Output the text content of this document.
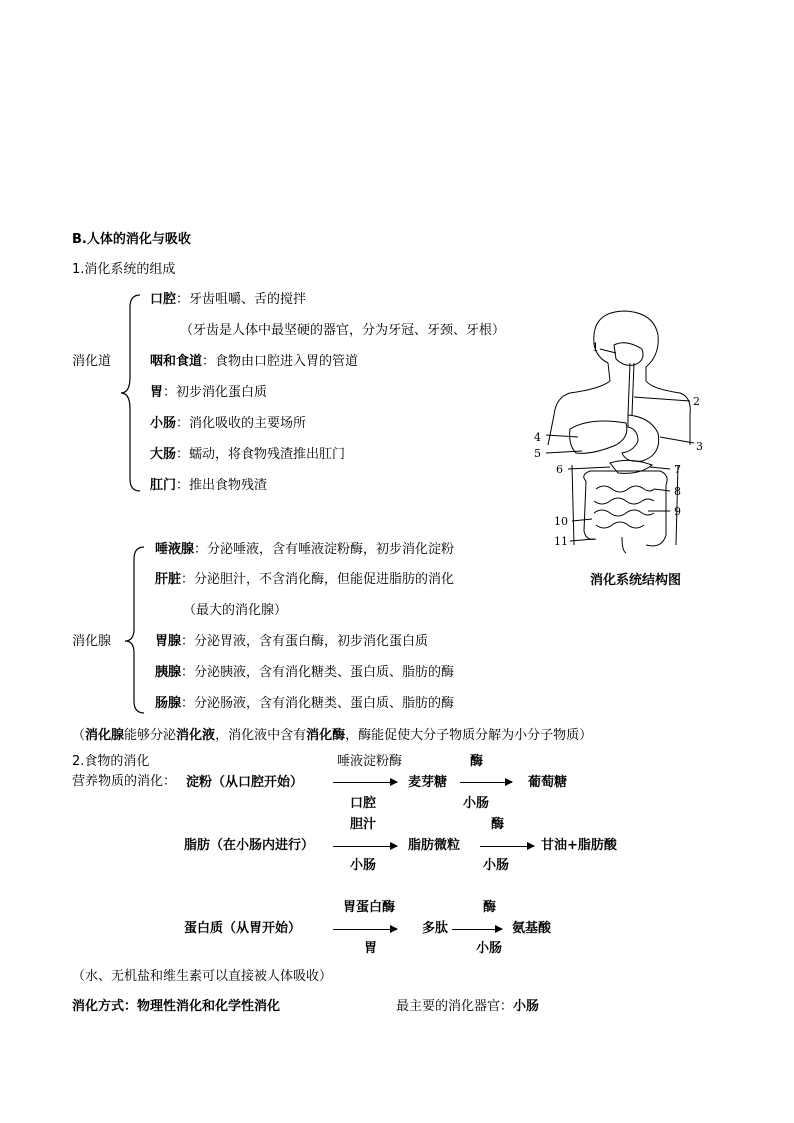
B.人体的消化与吸收
1.消化系统的组成
消化道
口腔：牙齿咀嚼、舌的搅拌
（牙齿是人体中最坚硬的器官，分为牙冠、牙颈、牙根）
咽和食道：食物由口腔进入胃的管道
胃：初步消化蛋白质
小肠：消化吸收的主要场所
大肠：蠕动，将食物残渣推出肛门
肛门：推出食物残渣
消化腺
唾液腺：分泌唾液，含有唾液淀粉酶，初步消化淀粉
肝脏：分泌胆汁，不含消化酶，但能促进脂肪的消化
（最大的消化腺）
胃腺：分泌胃液，含有蛋白酶，初步消化蛋白质
胰腺：分泌胰液，含有消化糖类、蛋白质、脂肪的酶
肠腺：分泌肠液，含有消化糖类、蛋白质、脂肪的酶
1
2
3
4
5
6	7
8
9
10
11
消化系统结构图
（消化腺能够分泌消化液，消化液中含有消化酶，酶能促使大分子物质分解为小分子物质）
2.食物的消化
营养物质的消化： 淀粉（从口腔开始）
唾液淀粉酶
口腔
麦芽糖
酶
小肠
葡萄糖
脂肪（在小肠内进行）
胆汁
小肠
脂肪微粒
酶
小肠
甘油+脂肪酸
蛋白质（从胃开始）
胃蛋白酶
胃
多肽
酶
小肠
氨基酸
（水、无机盐和维生素可以直接被人体吸收）
消化方式：物理性消化和化学性消化	最主要的消化器官：小肠
